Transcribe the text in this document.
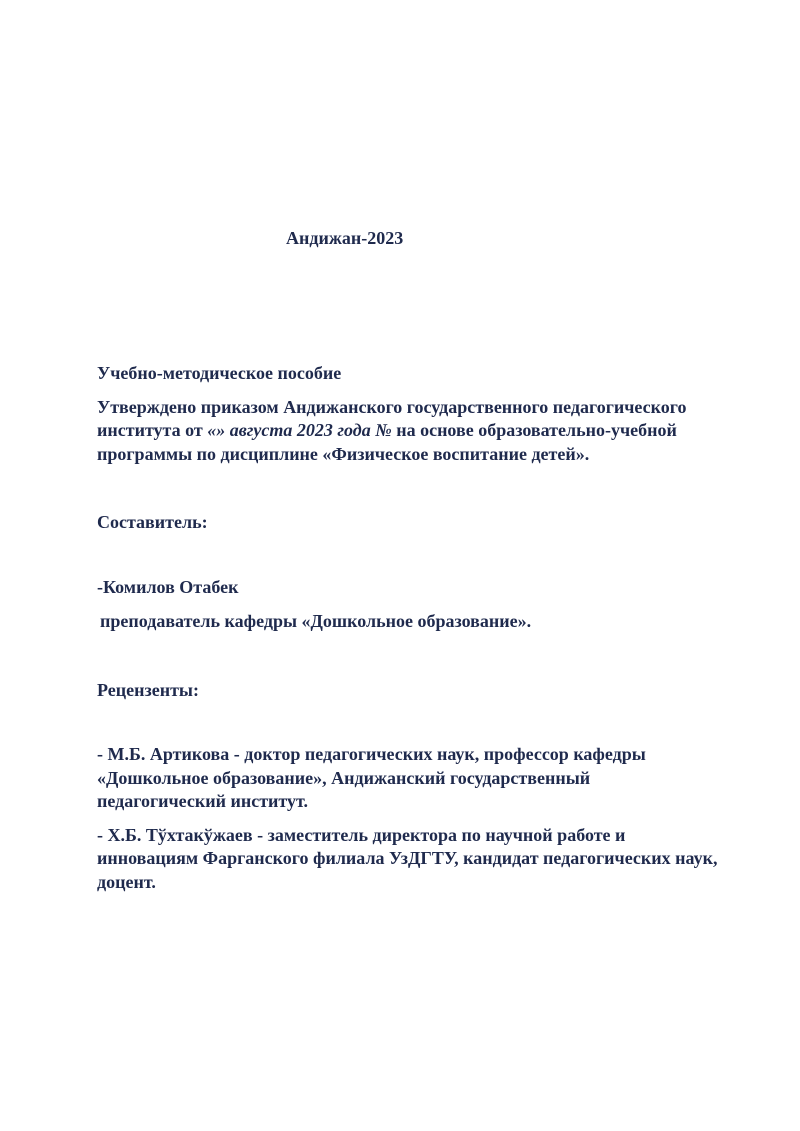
Андижан-2023

Учебно-методическое пособие

Утверждено приказом Андижанского государственного педагогического института от «» августа 2023 года № на основе образовательно-учебной программы по дисциплине «Физическое воспитание детей».

Составитель:

-Комилов Отабек

преподаватель кафедры «Дошкольное образование».

Рецензенты:

- М.Б. Артикова - доктор педагогических наук, профессор кафедры «Дошкольное образование», Андижанский государственный педагогический институт.

- Х.Б. Тўхтакўжаев - заместитель директора по научной работе и инновациям Фарганского филиала УзДГТУ, кандидат педагогических наук, доцент.
